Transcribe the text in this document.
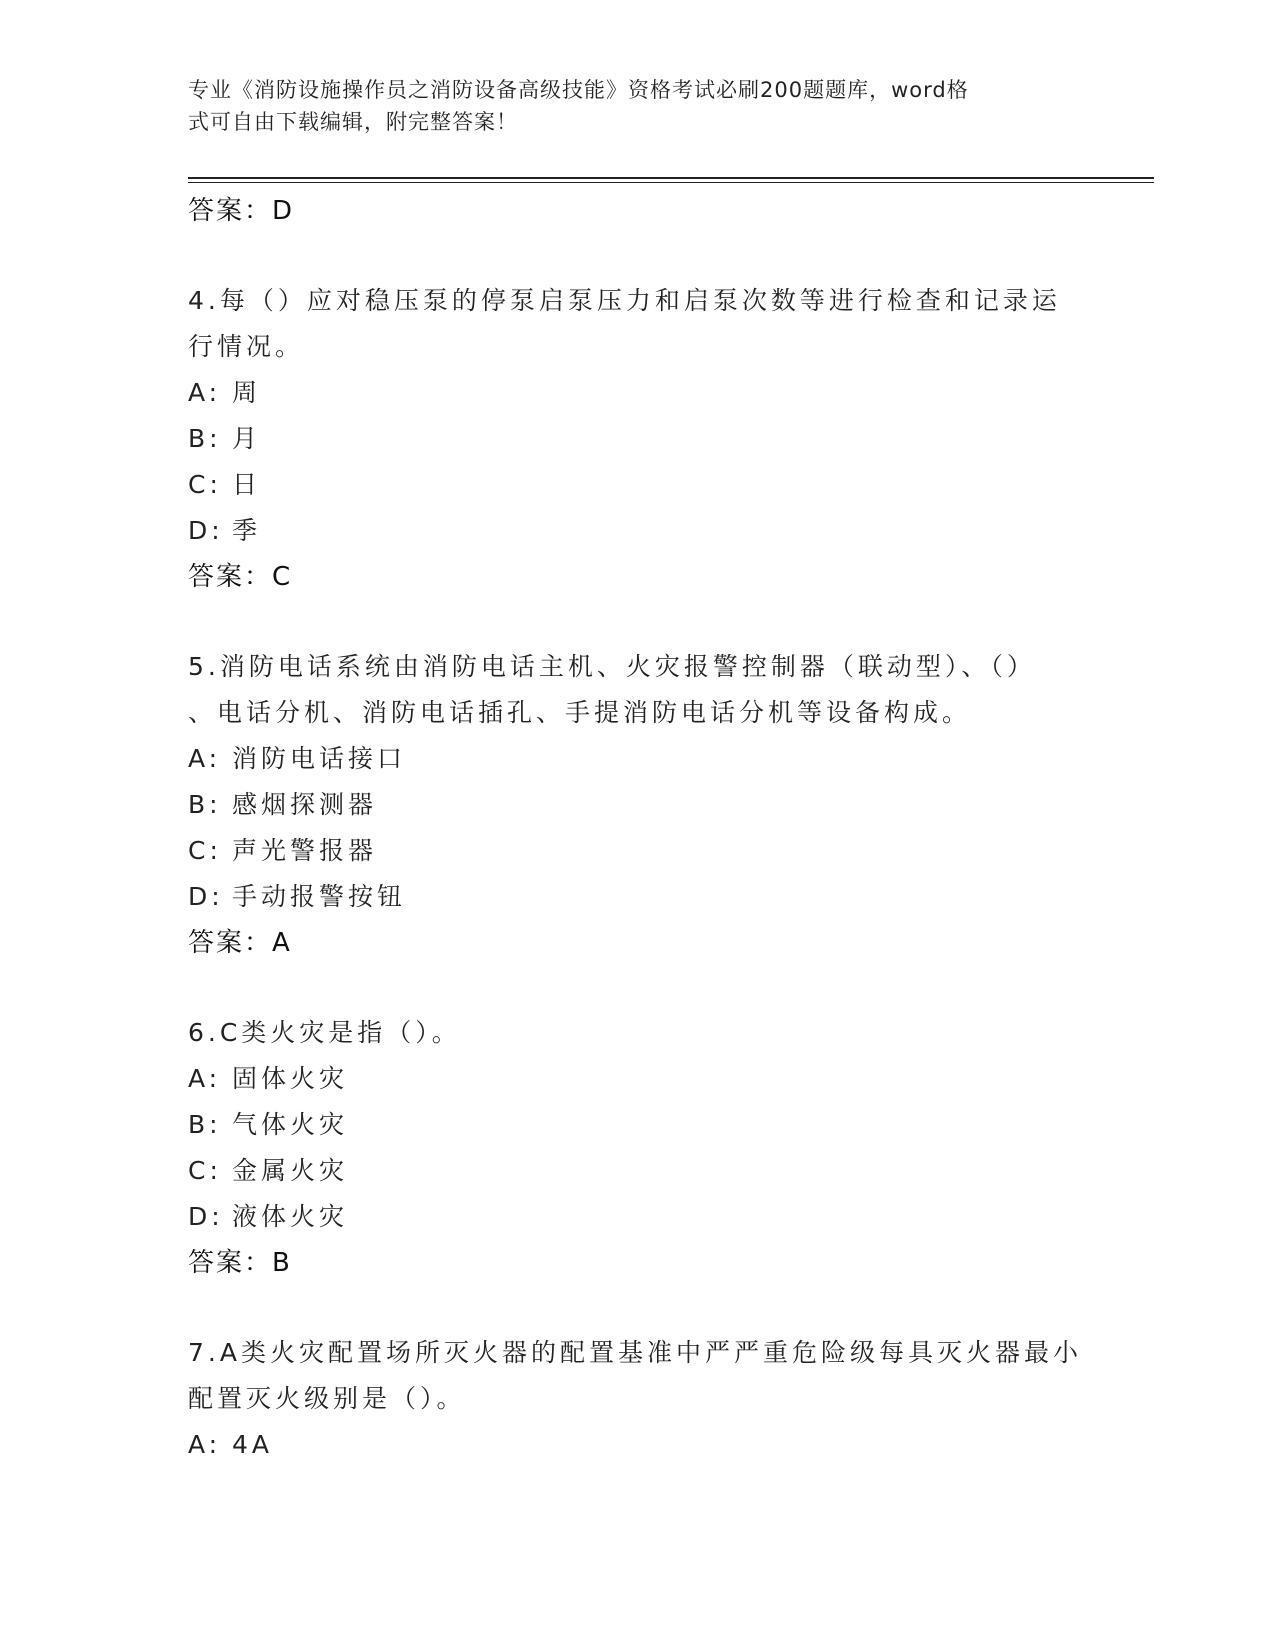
专业《消防设施操作员之消防设备高级技能》资格考试必刷200题题库，word格
式可自由下载编辑，附完整答案！

答案：D

4.每（）应对稳压泵的停泵启泵压力和启泵次数等进行检查和记录运

行情况。

A: 周

B: 月

C: 日

D: 季

答案：C

5.消防电话系统由消防电话主机、火灾报警控制器（联动型）、（）

、电话分机、消防电话插孔、手提消防电话分机等设备构成。

A: 消防电话接口

B: 感烟探测器

C: 声光警报器

D: 手动报警按钮

答案：A

6.C类火灾是指（）。

A: 固体火灾

B: 气体火灾

C: 金属火灾

D: 液体火灾

答案：B

7.A类火灾配置场所灭火器的配置基准中严严重危险级每具灭火器最小

配置灭火级别是（）。

A: 4A
